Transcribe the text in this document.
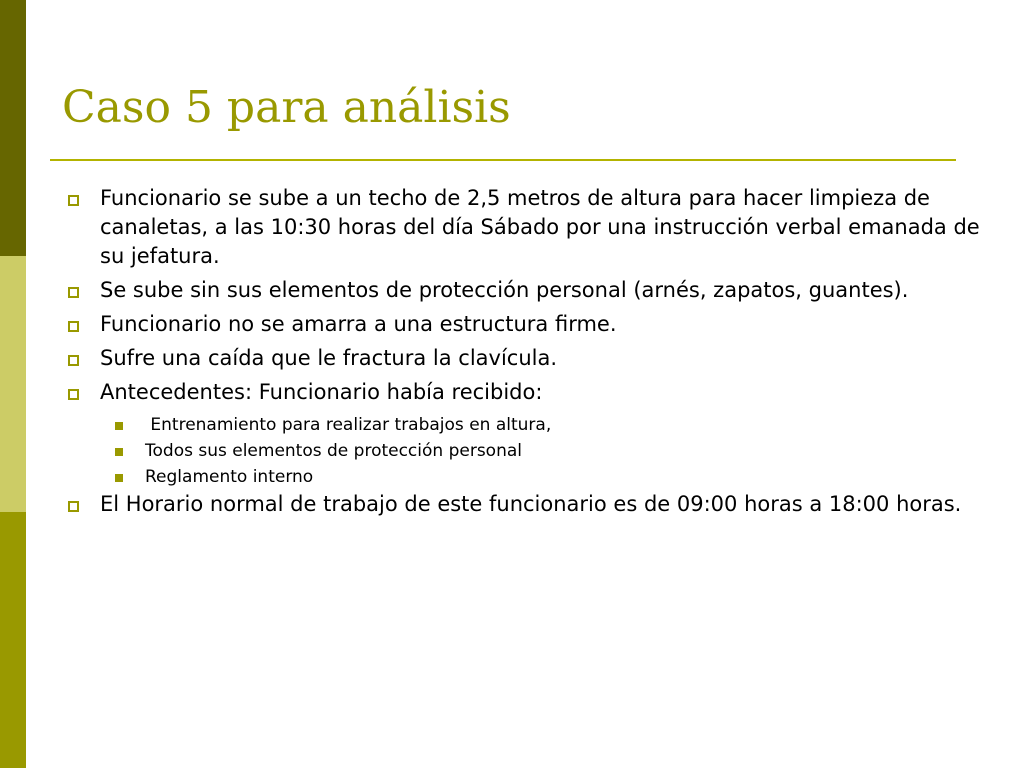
Caso 5 para análisis
Funcionario se sube a un techo de 2,5 metros de altura para hacer limpieza de canaletas, a las 10:30 horas del día Sábado por una instrucción verbal emanada de su jefatura.
Se sube sin sus elementos de protección personal (arnés, zapatos, guantes).
Funcionario no se amarra a una estructura firme.
Sufre una caída que le fractura la clavícula.
Antecedentes: Funcionario había recibido:
Entrenamiento para realizar trabajos en altura,
Todos sus elementos de protección personal
Reglamento interno
El Horario normal de trabajo de este funcionario es de 09:00 horas a 18:00 horas.
